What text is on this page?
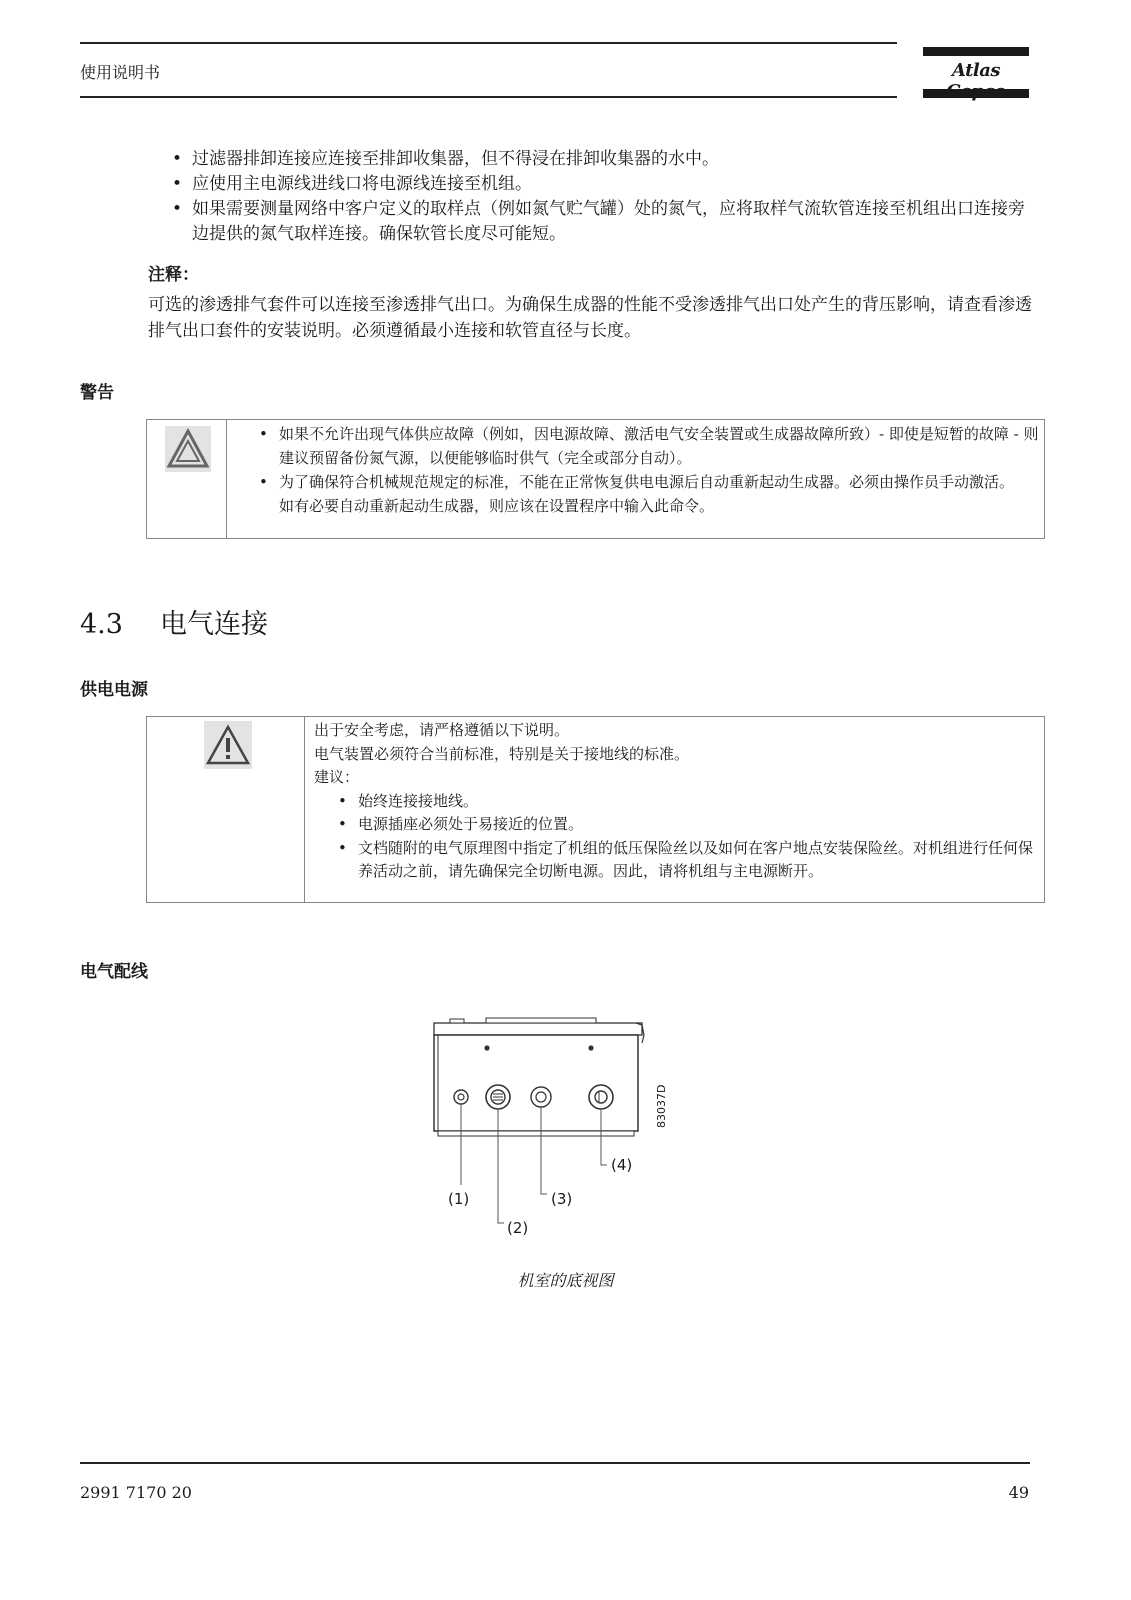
使用说明书	Atlas
• 过滤器排卸连接应连接至排卸收集器，但不得浸在排卸收集器的水中。
• 应使用主电源线进线口将电源线连接至机组。
• 如果需要测量网络中客户定义的取样点（例如氮气贮气罐）处的氮气，应将取样气流软管连接至机组出口连接旁边提供的氮气取样连接。确保软管长度尽可能短。
注释：
可选的渗透排气套件可以连接至渗透排气出口。为确保生成器的性能不受渗透排气出口处产生的背压影响，请查看渗透排气出口套件的安装说明。必须遵循最小连接和软管直径与长度。
警告
• 如果不允许出现气体供应故障（例如，因电源故障、激活电气安全装置或生成器故障所致）- 即使是短暂的故障 - 则建议预留备份氮气源，以便能够临时供气（完全或部分自动）。
• 为了确保符合机械规范规定的标准，不能在正常恢复供电电源后自动重新起动生成器。必须由操作员手动激活。
如有必要自动重新起动生成器，则应该在设置程序中输入此命令。
4.3 电气连接
供电电源
出于安全考虑，请严格遵循以下说明。
电气装置必须符合当前标准，特别是关于接地线的标准。
建议：
• 始终连接接地线。
• 电源插座必须处于易接近的位置。
• 文档随附的电气原理图中指定了机组的低压保险丝以及如何在客户地点安装保险丝。对机组进行任何保养活动之前，请先确保完全切断电源。因此，请将机组与主电源断开。
电气配线
83037D
(1)
(2)
(3)
(4)
机室的底视图
2991 7170 20	49
